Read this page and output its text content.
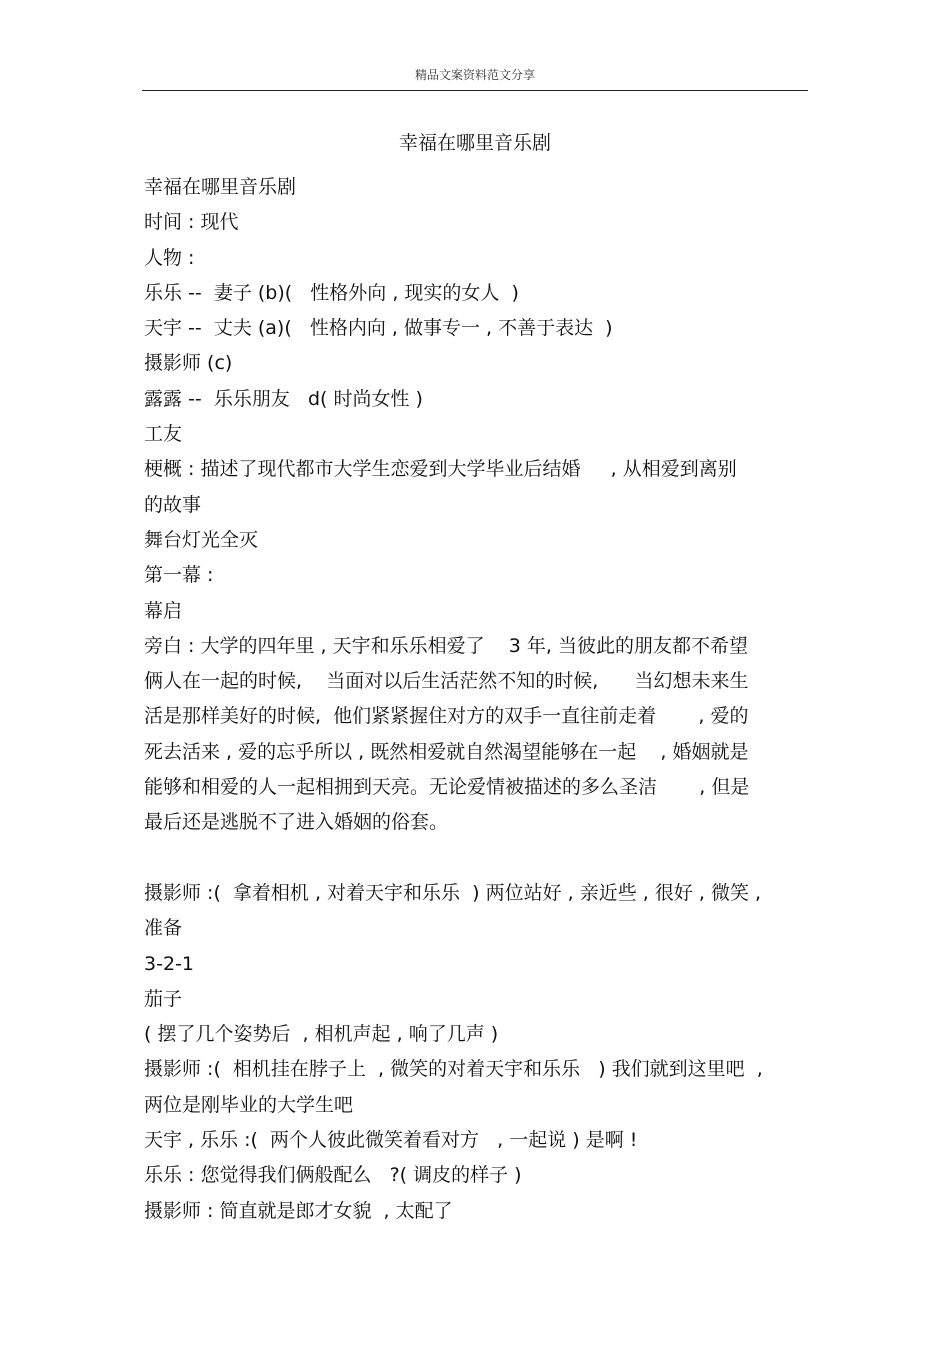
精品文案资料范文分享
幸福在哪里音乐剧
幸福在哪里音乐剧
时间 : 现代
人物 :
乐乐 --  妻子 (b)(   性格外向 , 现实的女人  )
天宇 --  丈夫 (a)(   性格内向 , 做事专一 , 不善于表达  )
摄影师 (c)
露露 --  乐乐朋友   d( 时尚女性 )
工友
梗概 : 描述了现代都市大学生恋爱到大学毕业后结婚     , 从相爱到离别
的故事
舞台灯光全灭
第一幕 :
幕启
旁白 : 大学的四年里 , 天宇和乐乐相爱了    3 年, 当彼此的朋友都不希望
俩人在一起的时候,    当面对以后生活茫然不知的时候,      当幻想未来生
活是那样美好的时候,  他们紧紧握住对方的双手一直往前走着       , 爱的
死去活来 , 爱的忘乎所以 , 既然相爱就自然渴望能够在一起    , 婚姻就是
能够和相爱的人一起相拥到天亮。无论爱情被描述的多么圣洁       , 但是
最后还是逃脱不了进入婚姻的俗套。
摄影师 :(  拿着相机 , 对着天宇和乐乐  ) 两位站好 , 亲近些 , 很好 , 微笑 ,
准备
3-2-1
茄子
( 摆了几个姿势后  , 相机声起 , 响了几声 )
摄影师 :(  相机挂在脖子上  , 微笑的对着天宇和乐乐   ) 我们就到这里吧  ,
两位是刚毕业的大学生吧
天宇 , 乐乐 :(  两个人彼此微笑着看对方   , 一起说 ) 是啊 !
乐乐 : 您觉得我们俩般配么   ?( 调皮的样子 )
摄影师 : 简直就是郎才女貌  , 太配了
